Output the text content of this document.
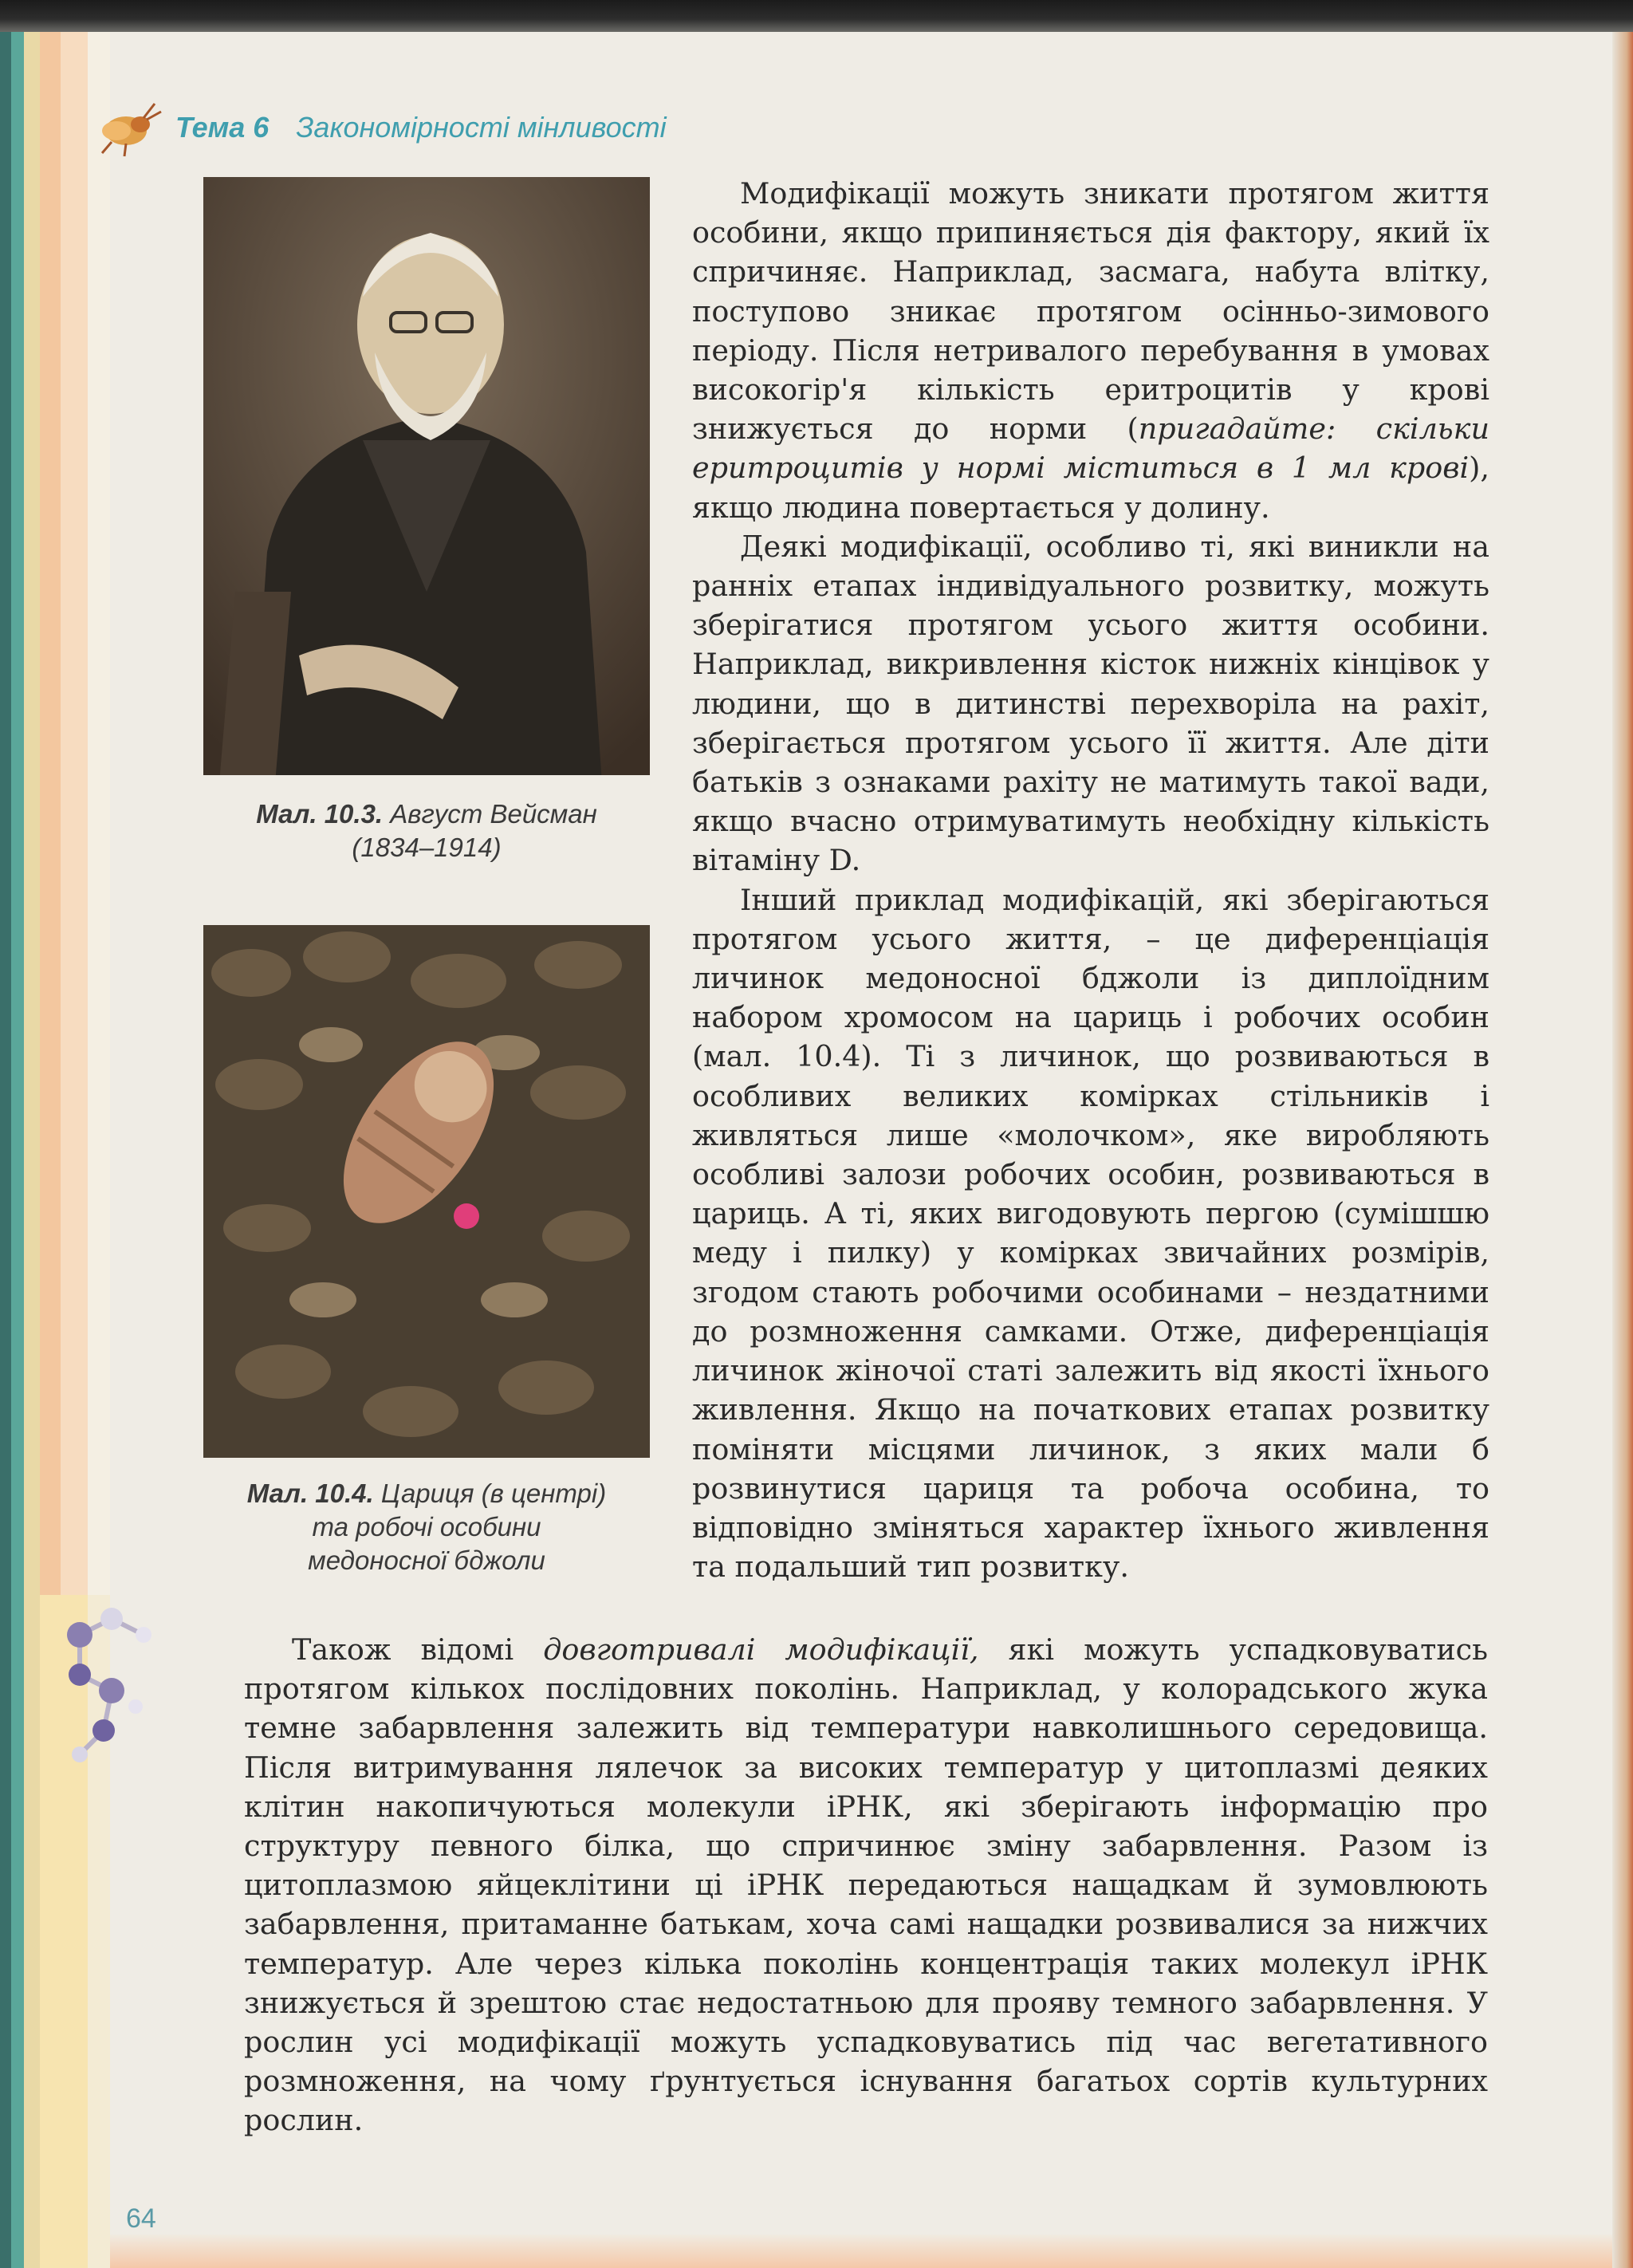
Тема 6 Закономірності мінливості
Мал. 10.3. Август Вейсман
(1834–1914)
Мал. 10.4. Цариця (в центрі)
та робочі особини
медоносної бджоли

Модифікації можуть зникати протягом життя особини, якщо припиняється дія фактору, який їх спричиняє. Наприклад, засмага, набута влітку, поступово зникає протягом осінньо-зимового періоду. Після нетривалого перебування в умовах високогір'я кількість еритроцитів у крові знижується до норми (пригадайте: скільки еритроцитів у нормі міститься в 1 мл крові), якщо людина повертається у долину.

Деякі модифікації, особливо ті, які виникли на ранніх етапах індивідуального розвитку, можуть зберігатися протягом усього життя особини. Наприклад, викривлення кісток нижніх кінцівок у людини, що в дитинстві перехворіла на рахіт, зберігається протягом усього її життя. Але діти батьків з ознаками рахіту не матимуть такої вади, якщо вчасно отримуватимуть необхідну кількість вітаміну D.

Інший приклад модифікацій, які зберігаються протягом усього життя, – це диференціація личинок медоносної бджоли із диплоїдним набором хромосом на цариць і робочих особин (мал. 10.4). Ті з личинок, що розвиваються в особливих великих комірках стільників і живляться лише «молочком», яке виробляють особливі залози робочих особин, розвиваються в цариць. А ті, яких вигодовують пергою (сумішшю меду і пилку) у комірках звичайних розмірів, згодом стають робочими особинами – нездатними до розмноження самками. Отже, диференціація личинок жіночої статі залежить від якості їхнього живлення. Якщо на початкових етапах розвитку поміняти місцями личинок, з яких мали б розвинутися цариця та робоча особина, то відповідно зміняться характер їхнього живлення та подальший тип розвитку.

Також відомі довготривалі модифікації, які можуть успадковуватись протягом кількох послідовних поколінь. Наприклад, у колорадського жука темне забарвлення залежить від температури навколишнього середовища. Після витримування лялечок за високих температур у цитоплазмі деяких клітин накопичуються молекули іРНК, які зберігають інформацію про структуру певного білка, що спричинює зміну забарвлення. Разом із цитоплазмою яйцеклітини ці іРНК передаються нащадкам й зумовлюють забарвлення, притаманне батькам, хоча самі нащадки розвивалися за нижчих температур. Але через кілька поколінь концентрація таких молекул іРНК знижується й зрештою стає недостатньою для прояву темного забарвлення. У рослин усі модифікації можуть успадковуватись під час вегетативного розмноження, на чому ґрунтується існування багатьох сортів культурних рослин.

64
